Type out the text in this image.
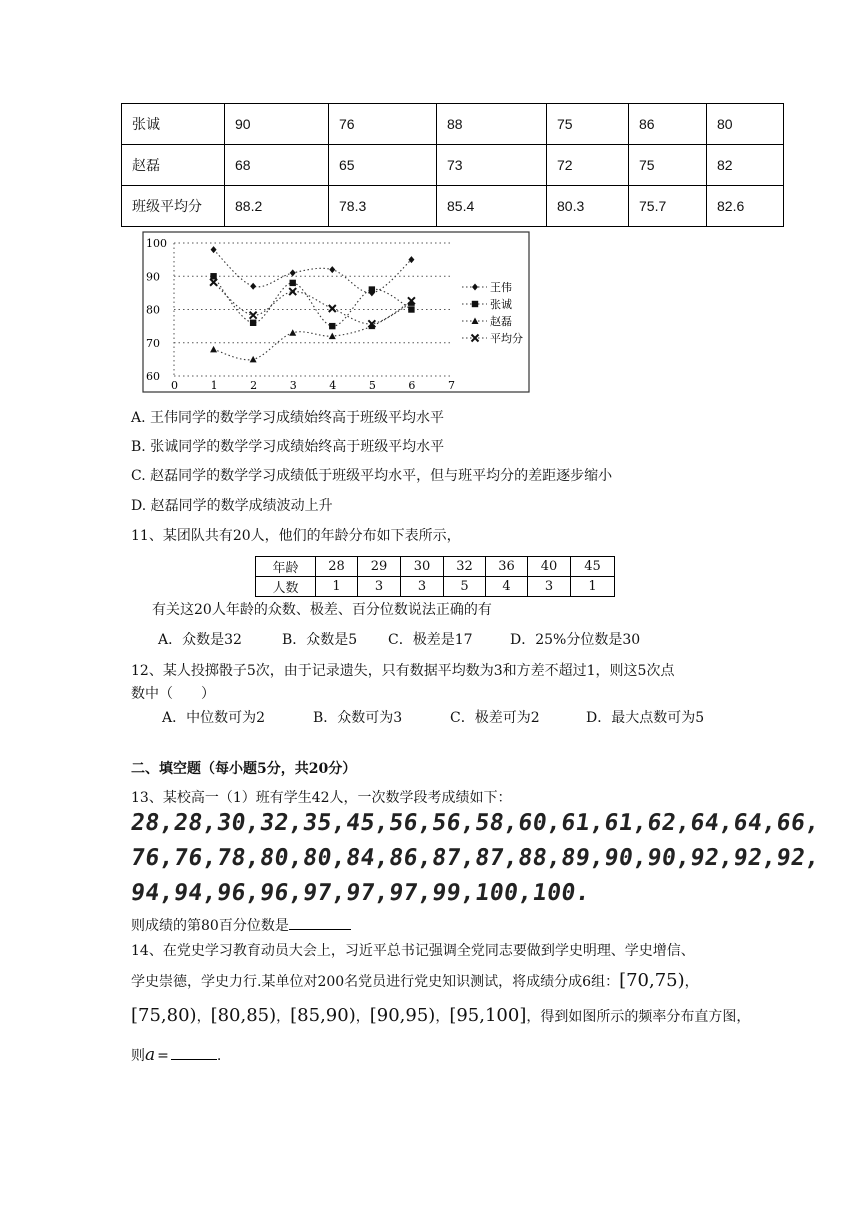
张诚	90	76	88	75	86	80
赵磊	68	65	73	72	75	82
班级平均分	88.2	78.3	85.4	80.3	75.7	82.6
60
70
80
90
100
0	1	2	3	4	5	6	7
王伟
张诚
赵磊
平均分
A. 王伟同学的数学学习成绩始终高于班级平均水平
B. 张诚同学的数学学习成绩始终高于班级平均水平
C. 赵磊同学的数学学习成绩低于班级平均水平，但与班平均分的差距逐步缩小
D. 赵磊同学的数学成绩波动上升
11、某团队共有20人，他们的年龄分布如下表所示，
年龄	28	29	30	32	36	40	45
人数	1	3	3	5	4	3	1
有关这20人年龄的众数、极差、百分位数说法正确的有
A．众数是32	B．众数是5 C．极差是17	D．25%分位数是30
12、某人投掷骰子5次，由于记录遗失，只有数据平均数为3和方差不超过1，则这5次点
数中（　　）
A．中位数可为2	B．众数可为3	C．极差可为2	D．最大点数可为5
二、填空题（每小题5分，共20分）
13、某校高一（1）班有学生42人，一次数学段考成绩如下：
28,28,30,32,35,45,56,56,58,60,61,61,62,64,64,66,
76,76,78,80,80,84,86,87,87,88,89,90,90,92,92,92,
94,94,96,96,97,97,97,99,100,100.
则成绩的第80百分位数是
14、在党史学习教育动员大会上，习近平总书记强调全党同志要做到学史明理、学史增信、
学史崇德，学史力行.某单位对200名党员进行党史知识测试，将成绩分成6组：[70,75)，
[75,80)，[80,85)，[85,90)，[90,95)，[95,100]，得到如图所示的频率分布直方图，
则a =	.
